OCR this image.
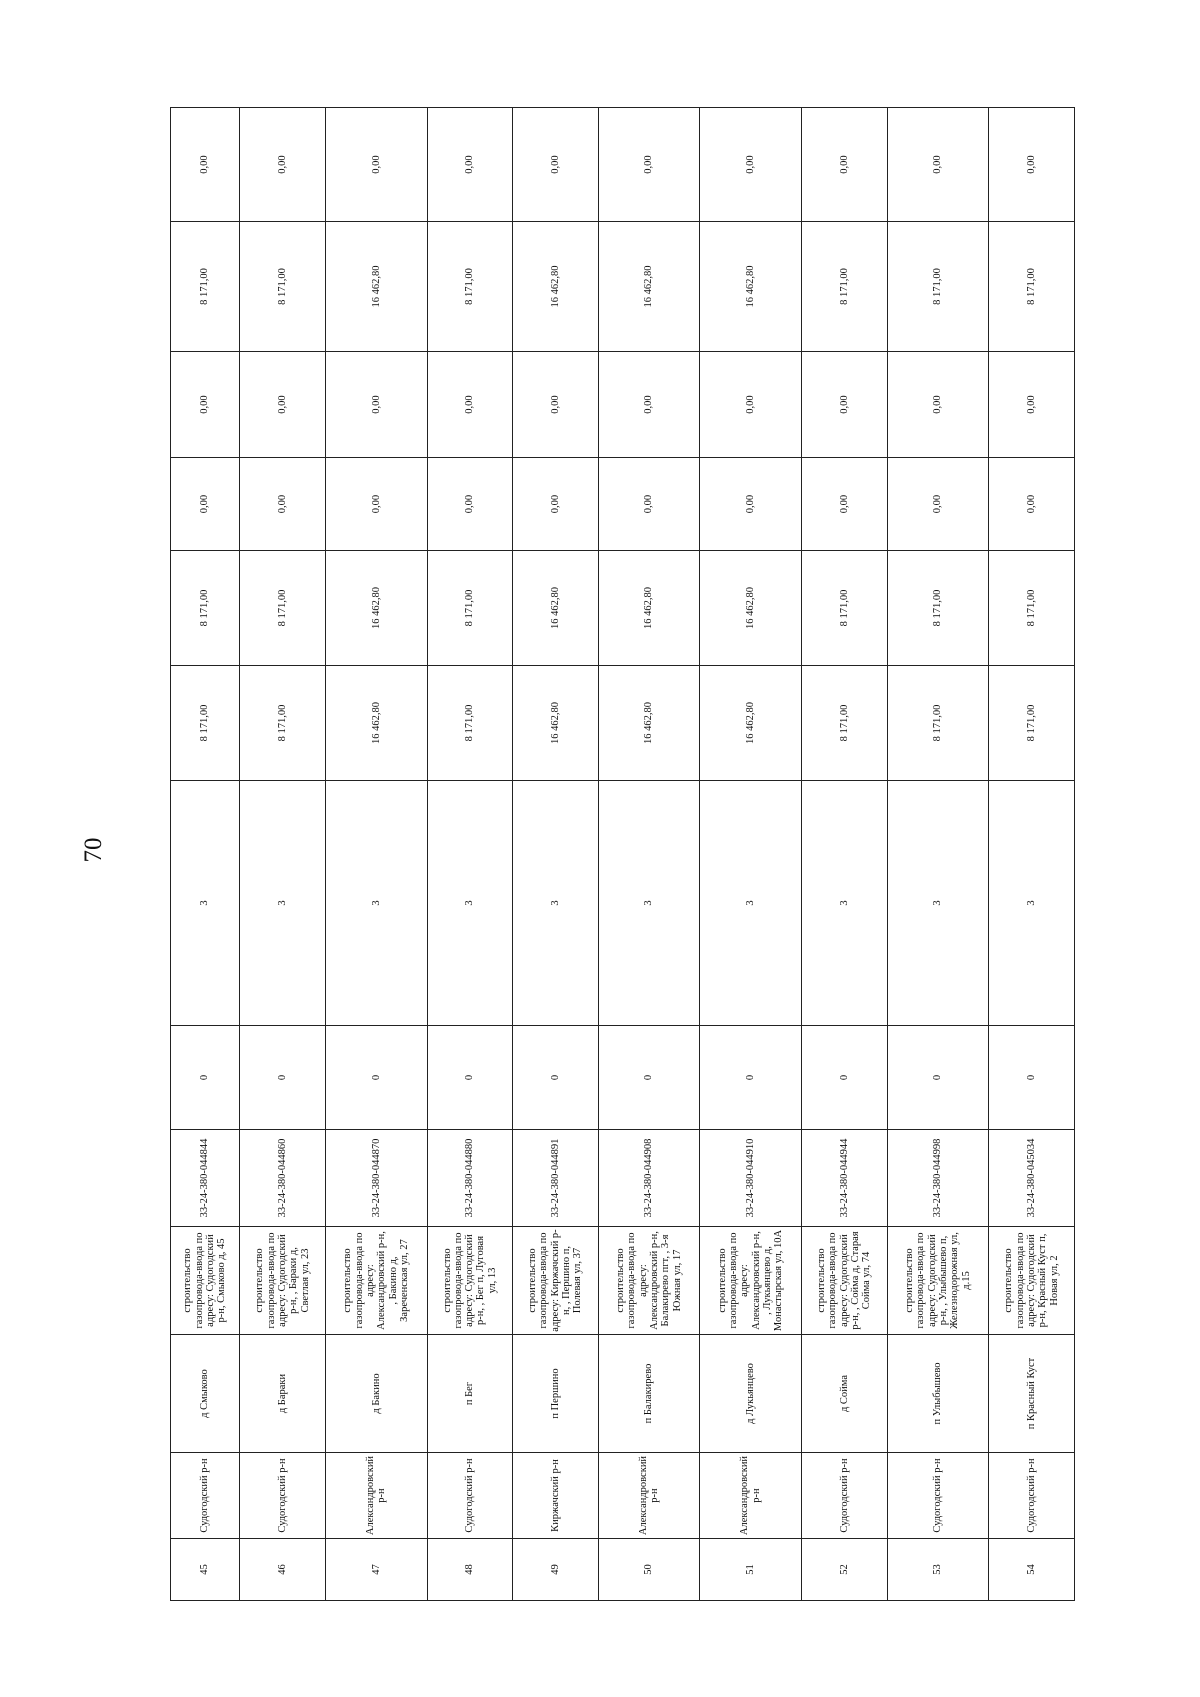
70
45	Судогодский р-н	д Смыково	строительство газопровода-ввода по адресу: Судогодский р-н, Смыково д, 45	33-24-380-044844	0	3	8 171,00	8 171,00	0,00	0,00	8 171,00	0,00
46	Судогодский р-н	д Бараки	строительство газопровода-ввода по адресу: Судогодский р-н, , Бараки д, Светлая ул, 23	33-24-380-044860	0	3	8 171,00	8 171,00	0,00	0,00	8 171,00	0,00
47	Александровский р-н	д Бакино	строительство газопровода-ввода по адресу: Александровский р-н, , Бакино д, Зареченская ул, 27	33-24-380-044870	0	3	16 462,80	16 462,80	0,00	0,00	16 462,80	0,00
48	Судогодский р-н	п Бег	строительство газопровода-ввода по адресу: Судогодский р-н, , Бег п, Луговая ул, 13	33-24-380-044880	0	3	8 171,00	8 171,00	0,00	0,00	8 171,00	0,00
49	Киржачский р-н	п Першино	строительство газопровода-ввода по адресу: Киржачский р-н, , Першино п, Полевая ул, 37	33-24-380-044891	0	3	16 462,80	16 462,80	0,00	0,00	16 462,80	0,00
50	Александровский р-н	п Балакирево	строительство газопровода-ввода по адресу: Александровский р-н, Балакирево пгт, , 3-я Южная ул, 17	33-24-380-044908	0	3	16 462,80	16 462,80	0,00	0,00	16 462,80	0,00
51	Александровский р-н	д Лукьянцево	строительство газопровода-ввода по адресу: Александровский р-н, , Лукьянцево д, Монастырская ул, 10А	33-24-380-044910	0	3	16 462,80	16 462,80	0,00	0,00	16 462,80	0,00
52	Судогодский р-н	д Сойма	строительство газопровода-ввода по адресу: Судогодский р-н, , Сойма д, Старая Сойма ул, 74	33-24-380-044944	0	3	8 171,00	8 171,00	0,00	0,00	8 171,00	0,00
53	Судогодский р-н	п Улыбышево	строительство газопровода-ввода по адресу: Судогодский р-н, , Улыбышево п, Железнодорожная ул, д.15	33-24-380-044998	0	3	8 171,00	8 171,00	0,00	0,00	8 171,00	0,00
54	Судогодский р-н	п Красный Куст	строительство газопровода-ввода по адресу: Судогодский р-н, Красный Куст п, Новая ул, 2	33-24-380-045034	0	3	8 171,00	8 171,00	0,00	0,00	8 171,00	0,00
